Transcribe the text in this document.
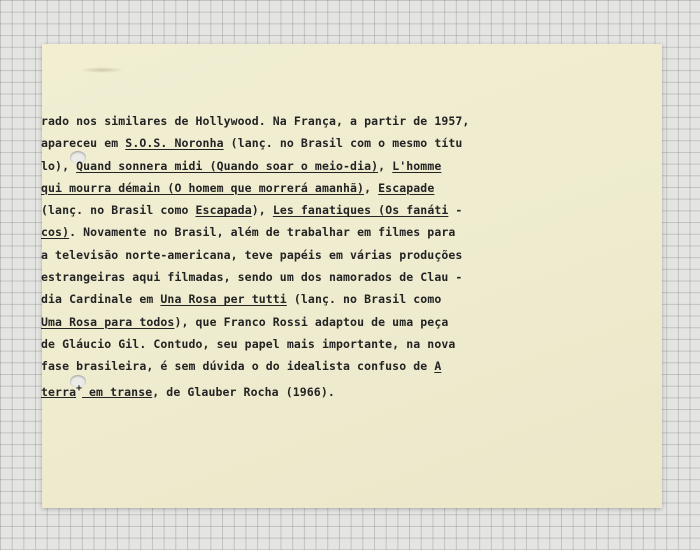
rado nos similares de Hollywood. Na França, a partir de 1957,
apareceu em S.O.S. Noronha (lanç. no Brasil com o mesmo títu
lo), Quand sonnera midi (Quando soar o meio-dia), L'homme
qui mourra démain (O homem que morrerá amanhã), Escapade
(lanç. no Brasil como Escapada), Les fanatiques (Os fanáti -
cos). Novamente no Brasil, além de trabalhar em filmes para
a televisão norte-americana, teve papéis em várias produções
estrangeiras aqui filmadas, sendo um dos namorados de Clau -
dia Cardinale em Una Rosa per tutti (lanç. no Brasil como
Uma Rosa para todos), que Franco Rossi adaptou de uma peça
de Gláucio Gil. Contudo, seu papel mais importante, na nova
fase brasileira, é sem dúvida o do idealista confuso de A
terra+ em transe, de Glauber Rocha (1966).
